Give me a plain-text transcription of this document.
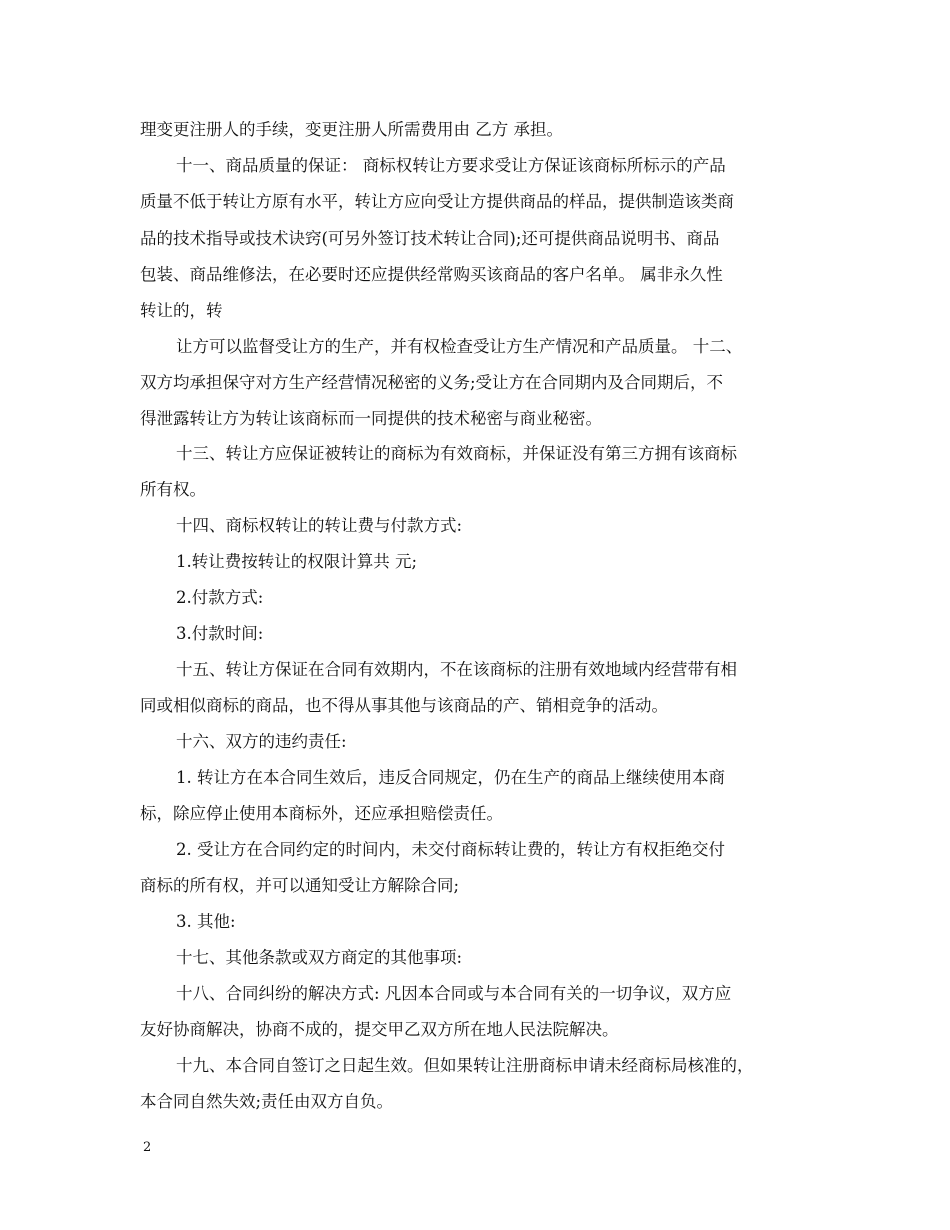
理变更注册人的手续，变更注册人所需费用由 乙方 承担。
十一、商品质量的保证： 商标权转让方要求受让方保证该商标所标示的产品
质量不低于转让方原有水平，转让方应向受让方提供商品的样品，提供制造该类商
品的技术指导或技术诀窍(可另外签订技术转让合同);还可提供商品说明书、商品
包装、商品维修法，在必要时还应提供经常购买该商品的客户名单。 属非永久性
转让的，转
让方可以监督受让方的生产，并有权检查受让方生产情况和产品质量。 十二、
双方均承担保守对方生产经营情况秘密的义务;受让方在合同期内及合同期后，不
得泄露转让方为转让该商标而一同提供的技术秘密与商业秘密。
十三、转让方应保证被转让的商标为有效商标，并保证没有第三方拥有该商标
所有权。
十四、商标权转让的转让费与付款方式:
1.转让费按转让的权限计算共 元;
2.付款方式:
3.付款时间:
十五、转让方保证在合同有效期内，不在该商标的注册有效地域内经营带有相
同或相似商标的商品，也不得从事其他与该商品的产、销相竞争的活动。
十六、双方的违约责任:
1. 转让方在本合同生效后，违反合同规定，仍在生产的商品上继续使用本商
标，除应停止使用本商标外，还应承担赔偿责任。
2. 受让方在合同约定的时间内，未交付商标转让费的，转让方有权拒绝交付
商标的所有权，并可以通知受让方解除合同;
3. 其他:
十七、其他条款或双方商定的其他事项:
十八、合同纠纷的解决方式: 凡因本合同或与本合同有关的一切争议，双方应
友好协商解决，协商不成的，提交甲乙双方所在地人民法院解决。
十九、本合同自签订之日起生效。但如果转让注册商标申请未经商标局核准的，
本合同自然失效;责任由双方自负。
2
